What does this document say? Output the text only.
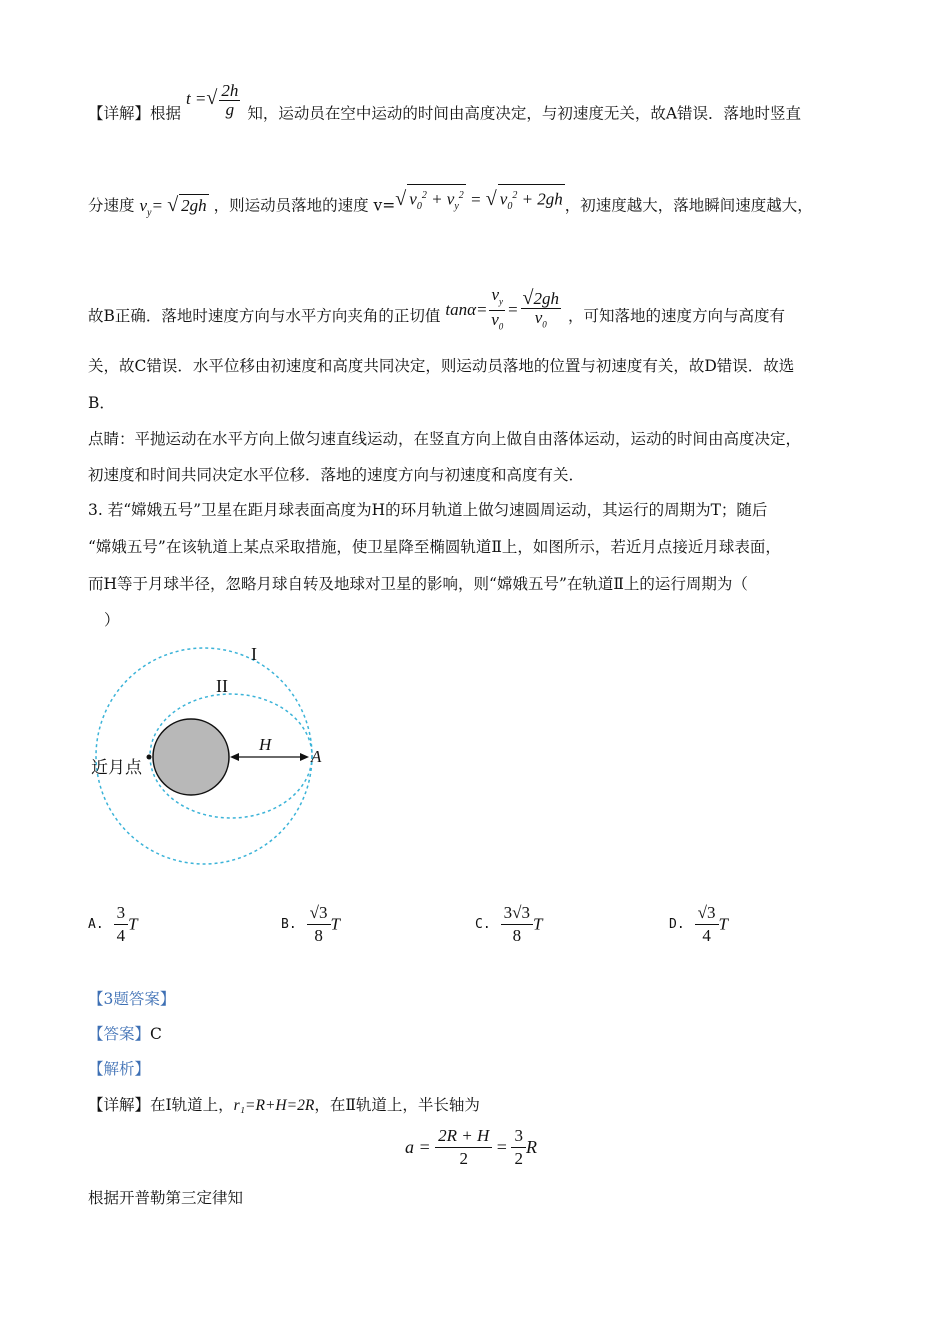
【详解】根据 t =√ $\frac{2h}{g}$ 知，运动员在空中运动的时间由高度决定，与初速度无关，故A错误．落地时竖直
分速度 $v_y=$ √ 2gh ，则运动员落地的速度 v=√ $v_0^2 + v_y^2$ = √ $v_0^2 + 2gh$ ，初速度越大，落地瞬间速度越大，
故B正确．落地时速度方向与水平方向夹角的正切值 $\tan\alpha= \frac{v_y}{v_0} = \frac{√2gh}{v_0}$ ，可知落地的速度方向与高度有
关，故C错误．水平位移由初速度和高度共同决定，则运动员落地的位置与初速度有关，故D错误．故选
B．
点睛：平抛运动在水平方向上做匀速直线运动，在竖直方向上做自由落体运动，运动的时间由高度决定，
初速度和时间共同决定水平位移．落地的速度方向与初速度和高度有关．
3. 若“嫦娥五号”卫星在距月球表面高度为H的环月轨道上做匀速圆周运动，其运行的周期为T；随后
“嫦娥五号”在该轨道上某点采取措施，使卫星降至椭圆轨道Ⅱ上，如图所示，若近月点接近月球表面，
而H等于月球半径，忽略月球自转及地球对卫星的影响，则“嫦娥五号”在轨道Ⅱ上的运行周期为（
）
I
II
H
A
近月点
A. $\frac{3}{4}$ T	B. $\frac{√3}{8}$ T	C. $\frac{3√3}{8}$ T	D. $\frac{√3}{4}$ T
【3题答案】
【答案】C
【解析】
【详解】在Ⅰ轨道上，r₁=R+H=2R，在Ⅱ轨道上，半长轴为
$a = \frac{2R + H}{2} = \frac{3}{2}$ R
根据开普勒第三定律知
